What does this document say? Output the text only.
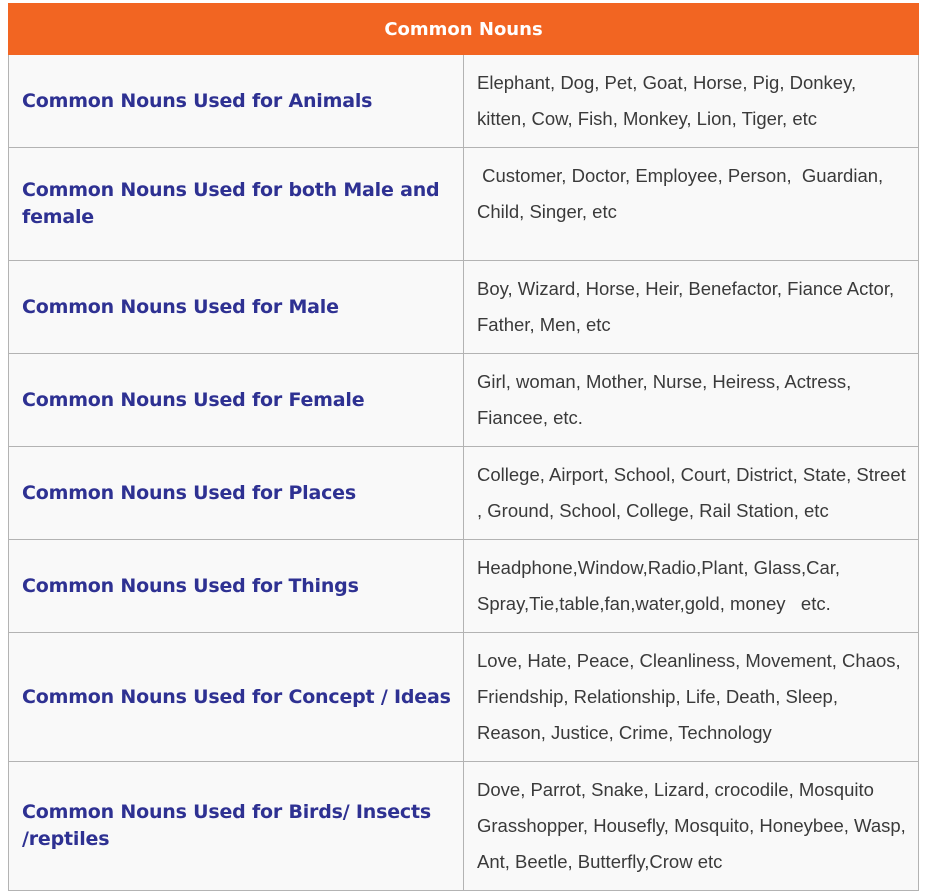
Common Nouns	
Common Nouns Used for Animals	Elephant, Dog, Pet, Goat, Horse, Pig, Donkey, kitten, Cow, Fish, Monkey, Lion, Tiger, etc

Common Nouns Used for both Male and female	Customer, Doctor, Employee, Person,  Guardian, Child, Singer, etc

Common Nouns Used for Male	Boy, Wizard, Horse, Heir, Benefactor, Fiance Actor, Father, Men, etc

Common Nouns Used for Female	Girl, woman, Mother, Nurse, Heiress, Actress, Fiancee, etc.

Common Nouns Used for Places	College, Airport, School, Court, District, State, Street , Ground, School, College, Rail Station, etc

Common Nouns Used for Things	Headphone,Window,Radio,Plant, Glass,Car, Spray,Tie,table,fan,water,gold, money   etc.

Common Nouns Used for Concept / Ideas	Love, Hate, Peace, Cleanliness, Movement, Chaos, Friendship, Relationship, Life, Death, Sleep,  Reason, Justice, Crime, Technology

Common Nouns Used for Birds/ Insects /reptiles	Dove, Parrot, Snake, Lizard, crocodile, Mosquito Grasshopper, Housefly, Mosquito, Honeybee, Wasp, Ant, Beetle, Butterfly,Crow etc
